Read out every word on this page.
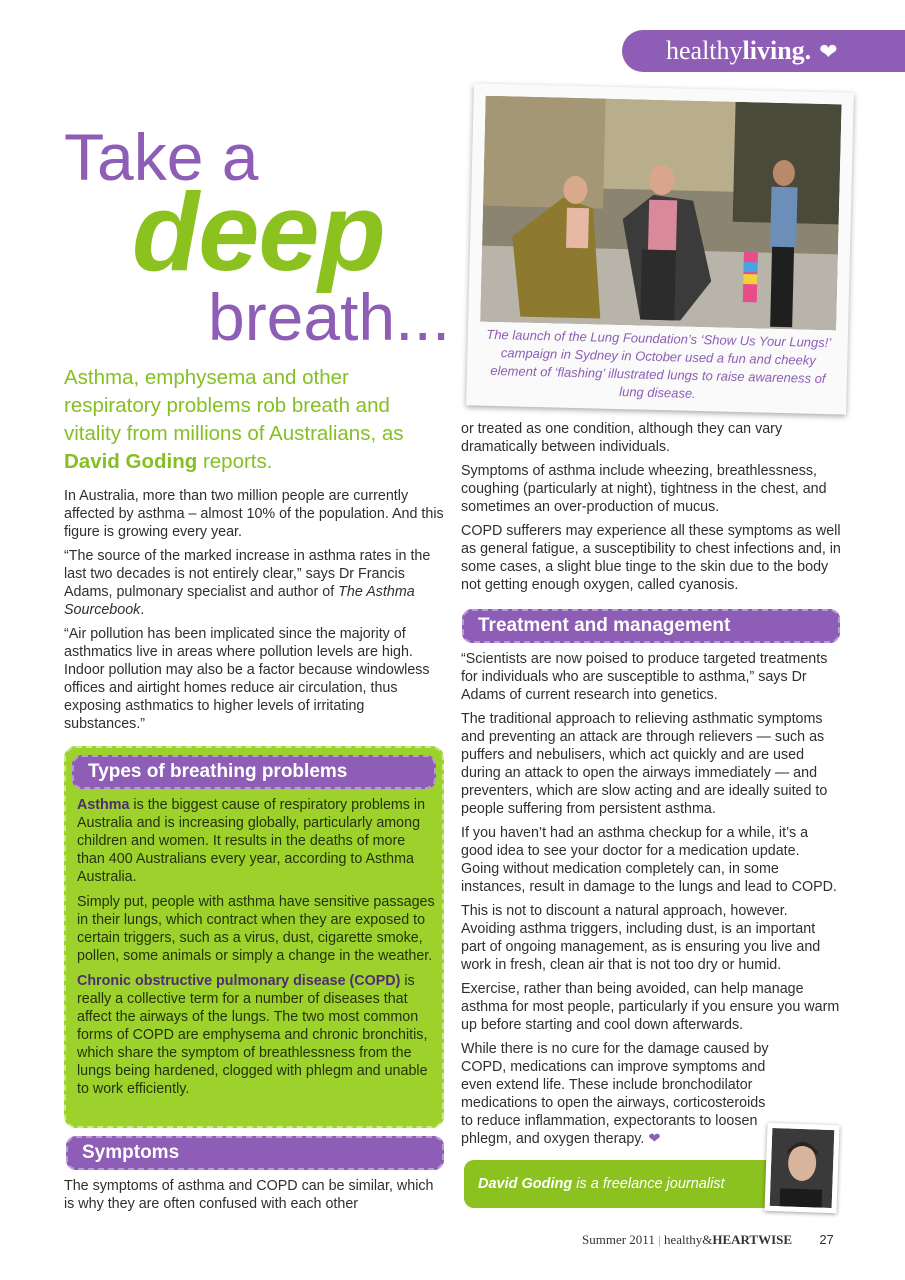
healthyliving. ❤
Take a
deep
breath...
Asthma, emphysema and other respiratory problems rob breath and vitality from millions of Australians, as David Goding reports.

In Australia, more than two million people are currently affected by asthma – almost 10% of the population. And this figure is growing every year.

“The source of the marked increase in asthma rates in the last two decades is not entirely clear,” says Dr Francis Adams, pulmonary specialist and author of The Asthma Sourcebook.

“Air pollution has been implicated since the majority of asthmatics live in areas where pollution levels are high. Indoor pollution may also be a factor because windowless offices and airtight homes reduce air circulation, thus exposing asthmatics to higher levels of irritating substances.”

The launch of the Lung Foundation’s ‘Show Us Your Lungs!’ campaign in Sydney in October used a fun and cheeky element of ‘flashing’ illustrated lungs to raise awareness of lung disease.

or treated as one condition, although they can vary dramatically between individuals.

Symptoms of asthma include wheezing, breathlessness, coughing (particularly at night), tightness in the chest, and sometimes an over-production of mucus.

COPD sufferers may experience all these symptoms as well as general fatigue, a susceptibility to chest infections and, in some cases, a slight blue tinge to the skin due to the body not getting enough oxygen, called cyanosis.

“Scientists are now poised to produce targeted treatments for individuals who are susceptible to asthma,” says Dr Adams of current research into genetics.

The traditional approach to relieving asthmatic symptoms and preventing an attack are through relievers — such as puffers and nebulisers, which act quickly and are used during an attack to open the airways immediately — and preventers, which are slow acting and are ideally suited to people suffering from persistent asthma.

If you haven’t had an asthma checkup for a while, it’s a good idea to see your doctor for a medication update. Going without medication completely can, in some instances, result in damage to the lungs and lead to COPD.

This is not to discount a natural approach, however. Avoiding asthma triggers, including dust, is an important part of ongoing management, as is ensuring you live and work in fresh, clean air that is not too dry or humid.

Exercise, rather than being avoided, can help manage asthma for most people, particularly if you ensure you warm up before starting and cool down afterwards.

While there is no cure for the damage caused by COPD, medications can improve symptoms and even extend life. These include bronchodilator medications to open the airways, corticosteroids to reduce inflammation, expectorants to loosen phlegm, and oxygen therapy. ❤

Types of breathing problems

Asthma is the biggest cause of respiratory problems in Australia and is increasing globally, particularly among children and women. It results in the deaths of more than 400 Australians every year, according to Asthma Australia.

Simply put, people with asthma have sensitive passages in their lungs, which contract when they are exposed to certain triggers, such as a virus, dust, cigarette smoke, pollen, some animals or simply a change in the weather.

Chronic obstructive pulmonary disease (COPD) is really a collective term for a number of diseases that affect the airways of the lungs. The two most common forms of COPD are emphysema and chronic bronchitis, which share the symptom of breathlessness from the lungs being hardened, clogged with phlegm and unable to work efficiently.

Treatment and management
Symptoms
The symptoms of asthma and COPD can be similar, which is why they are often confused with each other
David Goding is a freelance journalist
Summer 2011 | healthy&HEARTWISE 27
